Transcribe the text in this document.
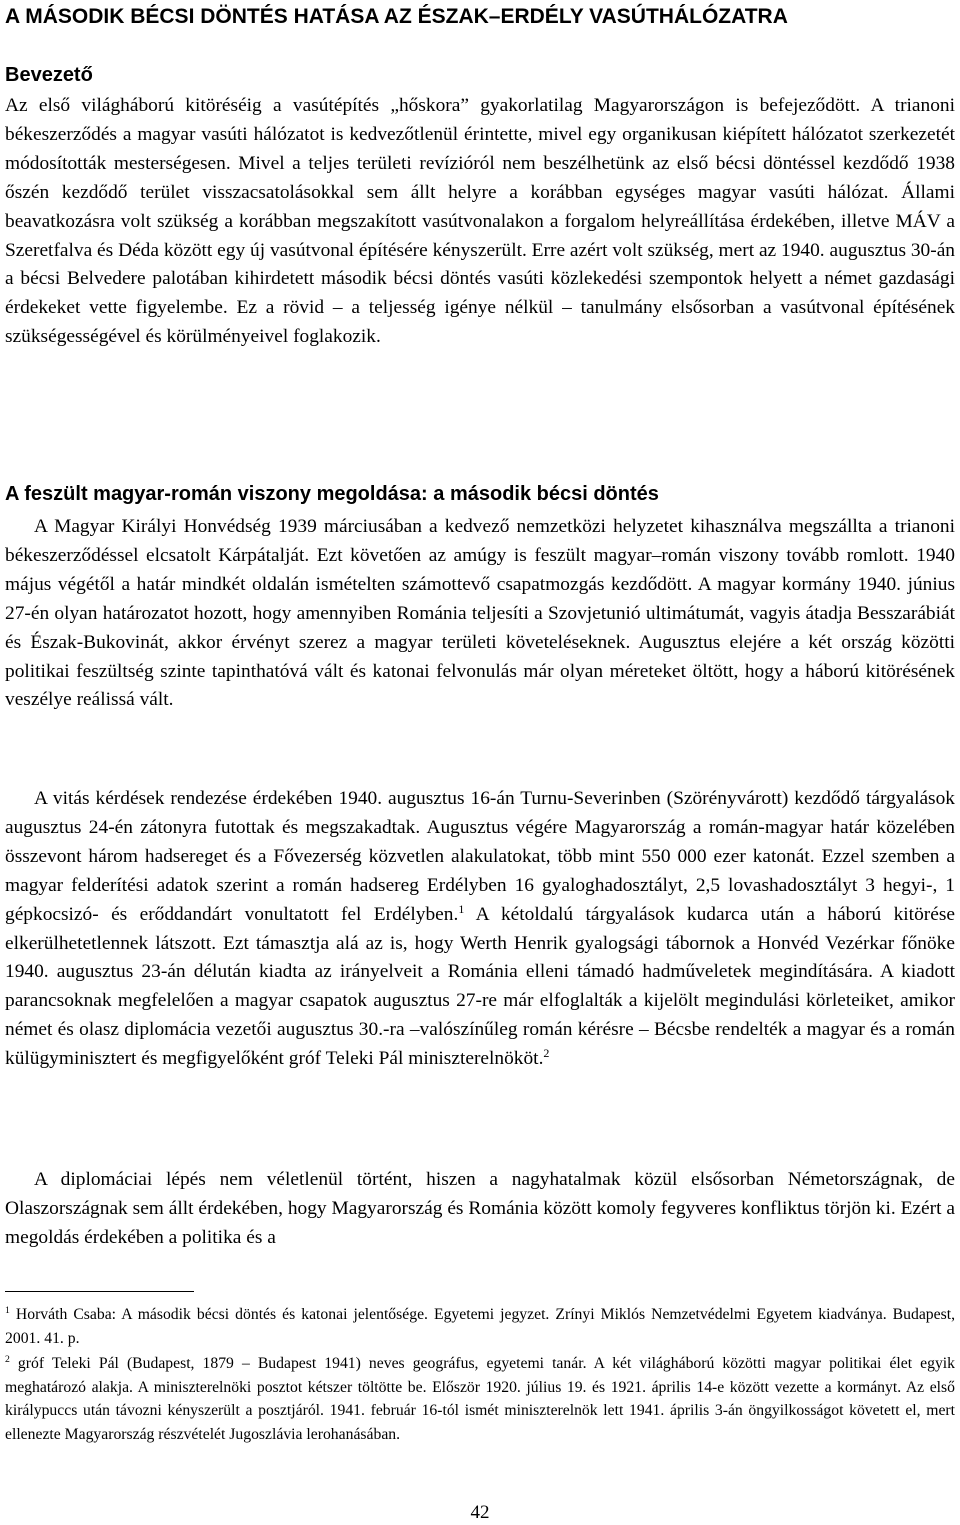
A MÁSODIK BÉCSI DÖNTÉS HATÁSA AZ ÉSZAK–ERDÉLY VASÚTHÁLÓZATRA
Bevezető

Az első világháború kitöréséig a vasútépítés „hőskora” gyakorlatilag Magyarországon is befejeződött. A trianoni békeszerződés a magyar vasúti hálózatot is kedvezőtlenül érintette, mivel egy organikusan kiépített hálózatot szerkezetét módosították mesterségesen. Mivel a teljes területi revízióról nem beszélhetünk az első bécsi döntéssel kezdődő 1938 őszén kezdődő terület visszacsatolásokkal sem állt helyre a korábban egységes magyar vasúti hálózat. Állami beavatkozásra volt szükség a korábban megszakított vasútvonalakon a forgalom helyreállítása érdekében, illetve MÁV a Szeretfalva és Déda között egy új vasútvonal építésére kényszerült. Erre azért volt szükség, mert az 1940. augusztus 30-án a bécsi Belvedere palotában kihirdetett második bécsi döntés vasúti közlekedési szempontok helyett a német gazdasági érdekeket vette figyelembe. Ez a rövid – a teljesség igénye nélkül – tanulmány elsősorban a vasútvonal építésének szükségességével és körülményeivel foglakozik.

A feszült magyar-román viszony megoldása: a második bécsi döntés

A Magyar Királyi Honvédség 1939 márciusában a kedvező nemzetközi helyzetet kihasználva megszállta a trianoni békeszerződéssel elcsatolt Kárpátalját. Ezt követően az amúgy is feszült magyar–román viszony tovább romlott. 1940 május végétől a határ mindkét oldalán ismételten számottevő csapatmozgás kezdődött. A magyar kormány 1940. június 27-én olyan határozatot hozott, hogy amennyiben Románia teljesíti a Szovjetunió ultimátumát, vagyis átadja Besszarábiát és Észak-Bukovinát, akkor érvényt szerez a magyar területi követeléseknek. Augusztus elejére a két ország közötti politikai feszültség szinte tapinthatóvá vált és katonai felvonulás már olyan méreteket öltött, hogy a háború kitörésének veszélye reálissá vált.

A vitás kérdések rendezése érdekében 1940. augusztus 16-án Turnu-Severinben (Szörényvárott) kezdődő tárgyalások augusztus 24-én zátonyra futottak és megszakadtak. Augusztus végére Magyarország a román-magyar határ közelében összevont három hadsereget és a Fővezerség közvetlen alakulatokat, több mint 550 000 ezer katonát. Ezzel szemben a magyar felderítési adatok szerint a román hadsereg Erdélyben 16 gyaloghadosztályt, 2,5 lovashadosztályt 3 hegyi-, 1 gépkocsizó- és erőddandárt vonultatott fel Erdélyben.$^1$ A kétoldalú tárgyalások kudarca után a háború kitörése elkerülhetetlennek látszott. Ezt támasztja alá az is, hogy Werth Henrik gyalogsági tábornok a Honvéd Vezérkar főnöke 1940. augusztus 23-án délután kiadta az irányelveit a Románia elleni támadó hadműveletek megindítására. A kiadott parancsoknak megfelelően a magyar csapatok augusztus 27-re már elfoglalták a kijelölt megindulási körleteiket, amikor német és olasz diplomácia vezetői augusztus 30.-ra –valószínűleg román kérésre – Bécsbe rendelték a magyar és a román külügyminisztert és megfigyelőként gróf Teleki Pál miniszterelnököt.$^2$

A diplomáciai lépés nem véletlenül történt, hiszen a nagyhatalmak közül elsősorban Németországnak, de Olaszországnak sem állt érdekében, hogy Magyarország és Románia között komoly fegyveres konfliktus törjön ki. Ezért a megoldás érdekében a politika és a

$^1$ Horváth Csaba: A második bécsi döntés és katonai jelentősége. Egyetemi jegyzet. Zrínyi Miklós Nemzetvédelmi Egyetem kiadványa. Budapest, 2001. 41. p.

$^2$ gróf Teleki Pál (Budapest, 1879 – Budapest 1941) neves geográfus, egyetemi tanár. A két világháború közötti magyar politikai élet egyik meghatározó alakja. A miniszterelnöki posztot kétszer töltötte be. Először 1920. július 19. és 1921. április 14-e között vezette a kormányt. Az első királypuccs után távozni kényszerült a posztjáról. 1941. február 16-tól ismét miniszterelnök lett 1941. április 3-án öngyilkosságot követett el, mert ellenezte Magyarország részvételét Jugoszlávia lerohanásában.

42
